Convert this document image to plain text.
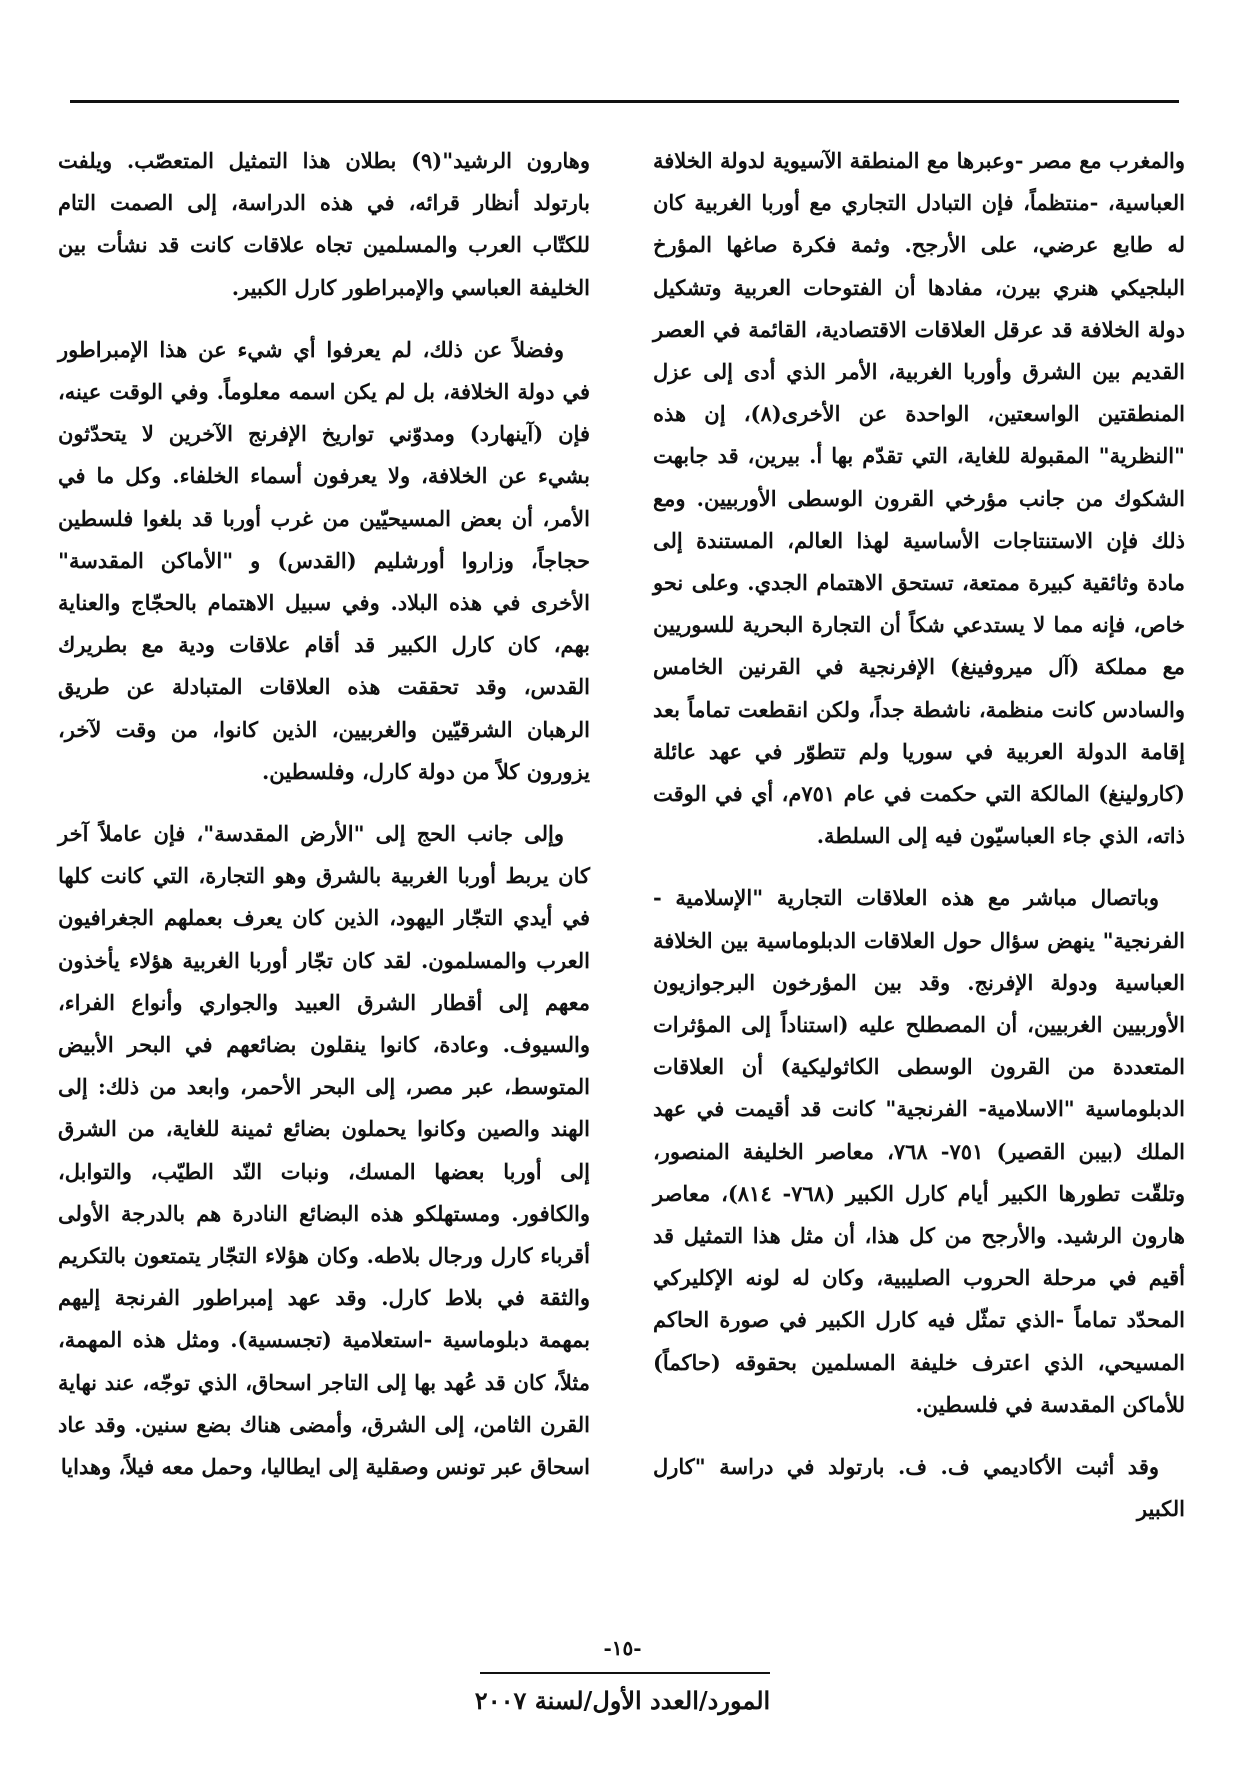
والمغرب مع مصر -وعبرها مع المنطقة الآسيوية لدولة الخلافة العباسية، -منتظماً، فإن التبادل التجاري مع أوربا الغربية كان له طابع عرضي، على الأرجح. وثمة فكرة صاغها المؤرخ البلجيكي هنري بيرن، مفادها أن الفتوحات العربية وتشكيل دولة الخلافة قد عرقل العلاقات الاقتصادية، القائمة في العصر القديم بين الشرق وأوربا الغربية، الأمر الذي أدى إلى عزل المنطقتين الواسعتين، الواحدة عن الأخرى(٨)، إن هذه "النظرية" المقبولة للغاية، التي تقدّم بها أ. بيرين، قد جابهت الشكوك من جانب مؤرخي القرون الوسطى الأوربيين. ومع ذلك فإن الاستنتاجات الأساسية لهذا العالم، المستندة إلى مادة وثائقية كبيرة ممتعة، تستحق الاهتمام الجدي. وعلى نحو خاص، فإنه مما لا يستدعي شكاً أن التجارة البحرية للسوريين مع مملكة (آل ميروفينغ) الإفرنجية في القرنين الخامس والسادس كانت منظمة، ناشطة جداً، ولكن انقطعت تماماً بعد إقامة الدولة العربية في سوريا ولم تتطوّر في عهد عائلة (كارولينغ) المالكة التي حكمت في عام ٧٥١م، أي في الوقت ذاته، الذي جاء العباسيّون فيه إلى السلطة.

وباتصال مباشر مع هذه العلاقات التجارية "الإسلامية - الفرنجية" ينهض سؤال حول العلاقات الدبلوماسية بين الخلافة العباسية ودولة الإفرنج. وقد بين المؤرخون البرجوازيون الأوربيين الغربيين، أن المصطلح عليه (استناداً إلى المؤثرات المتعددة من القرون الوسطى الكاثوليكية) أن العلاقات الدبلوماسية "الاسلامية- الفرنجية" كانت قد أقيمت في عهد الملك (بيبن القصير) ٧٥١- ٧٦٨، معاصر الخليفة المنصور، وتلقّت تطورها الكبير أيام كارل الكبير (٧٦٨- ٨١٤)، معاصر هارون الرشيد. والأرجح من كل هذا، أن مثل هذا التمثيل قد أقيم في مرحلة الحروب الصليبية، وكان له لونه الإكليركي المحدّد تماماً -الذي تمثّل فيه كارل الكبير في صورة الحاكم المسيحي، الذي اعترف خليفة المسلمين بحقوقه (حاكماً) للأماكن المقدسة في فلسطين.

وقد أثبت الأكاديمي ف. ف. بارتولد في دراسة "كارل الكبير

وهارون الرشيد"(٩) بطلان هذا التمثيل المتعصّب. ويلفت بارتولد أنظار قرائه، في هذه الدراسة، إلى الصمت التام للكتّاب العرب والمسلمين تجاه علاقات كانت قد نشأت بين الخليفة العباسي والإمبراطور كارل الكبير.

وفضلاً عن ذلك، لم يعرفوا أي شيء عن هذا الإمبراطور في دولة الخلافة، بل لم يكن اسمه معلوماً. وفي الوقت عينه، فإن (آينهارد) ومدوّني تواريخ الإفرنج الآخرين لا يتحدّثون بشيء عن الخلافة، ولا يعرفون أسماء الخلفاء. وكل ما في الأمر، أن بعض المسيحيّين من غرب أوربا قد بلغوا فلسطين حجاجاً، وزاروا أورشليم (القدس) و "الأماكن المقدسة" الأخرى في هذه البلاد. وفي سبيل الاهتمام بالحجّاج والعناية بهم، كان كارل الكبير قد أقام علاقات ودية مع بطريرك القدس، وقد تحققت هذه العلاقات المتبادلة عن طريق الرهبان الشرقيّين والغربيين، الذين كانوا، من وقت لآخر، يزورون كلاً من دولة كارل، وفلسطين.

وإلى جانب الحج إلى "الأرض المقدسة"، فإن عاملاً آخر كان يربط أوربا الغربية بالشرق وهو التجارة، التي كانت كلها في أيدي التجّار اليهود، الذين كان يعرف بعملهم الجغرافيون العرب والمسلمون. لقد كان تجّار أوربا الغربية هؤلاء يأخذون معهم إلى أقطار الشرق العبيد والجواري وأنواع الفراء، والسيوف. وعادة، كانوا ينقلون بضائعهم في البحر الأبيض المتوسط، عبر مصر، إلى البحر الأحمر، وابعد من ذلك: إلى الهند والصين وكانوا يحملون بضائع ثمينة للغاية، من الشرق إلى أوربا بعضها المسك، ونبات النّد الطيّب، والتوابل، والكافور. ومستهلكو هذه البضائع النادرة هم بالدرجة الأولى أقرباء كارل ورجال بلاطه. وكان هؤلاء التجّار يتمتعون بالتكريم والثقة في بلاط كارل. وقد عهد إمبراطور الفرنجة إليهم بمهمة دبلوماسية -استعلامية (تجسسية). ومثل هذه المهمة، مثلاً، كان قد عُهد بها إلى التاجر اسحاق، الذي توجّه، عند نهاية القرن الثامن، إلى الشرق، وأمضى هناك بضع سنين. وقد عاد اسحاق عبر تونس وصقلية إلى ايطاليا، وحمل معه فيلاً، وهدايا

-١٥-
المورد/العدد الأول/لسنة ٢٠٠٧
